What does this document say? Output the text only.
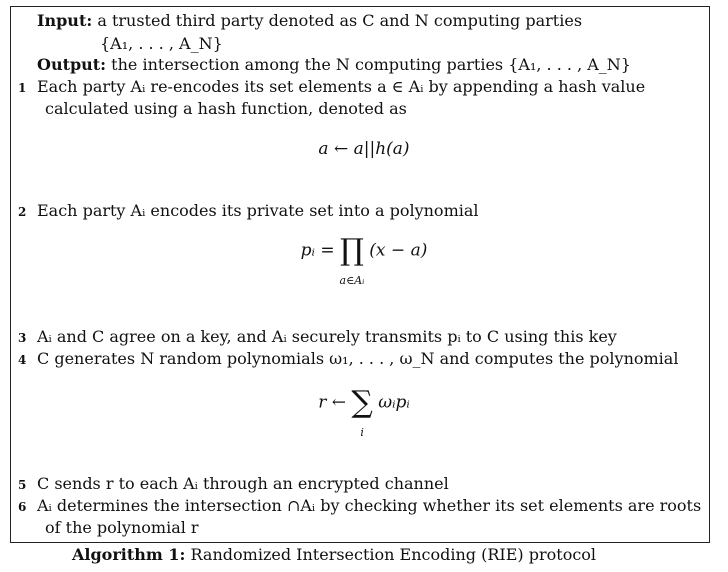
Input: a trusted third party denoted as C and N computing parties
{A₁, . . . , A_N}
Output: the intersection among the N computing parties {A₁, . . . , A_N}
1 Each party Aᵢ re-encodes its set elements a ∈ Aᵢ by appending a hash value
calculated using a hash function, denoted as
a ← a||h(a)
2 Each party Aᵢ encodes its private set into a polynomial
pᵢ = ∏
a∈Aᵢ
(x − a)
3 Aᵢ and C agree on a key, and Aᵢ securely transmits pᵢ to C using this key
4 C generates N random polynomials ω₁, . . . , ω_N and computes the polynomial
r ← ∑
i
ωᵢpᵢ
5 C sends r to each Aᵢ through an encrypted channel
6 Aᵢ determines the intersection ∩Aᵢ by checking whether its set elements are roots
of the polynomial r
Algorithm 1: Randomized Intersection Encoding (RIE) protocol
